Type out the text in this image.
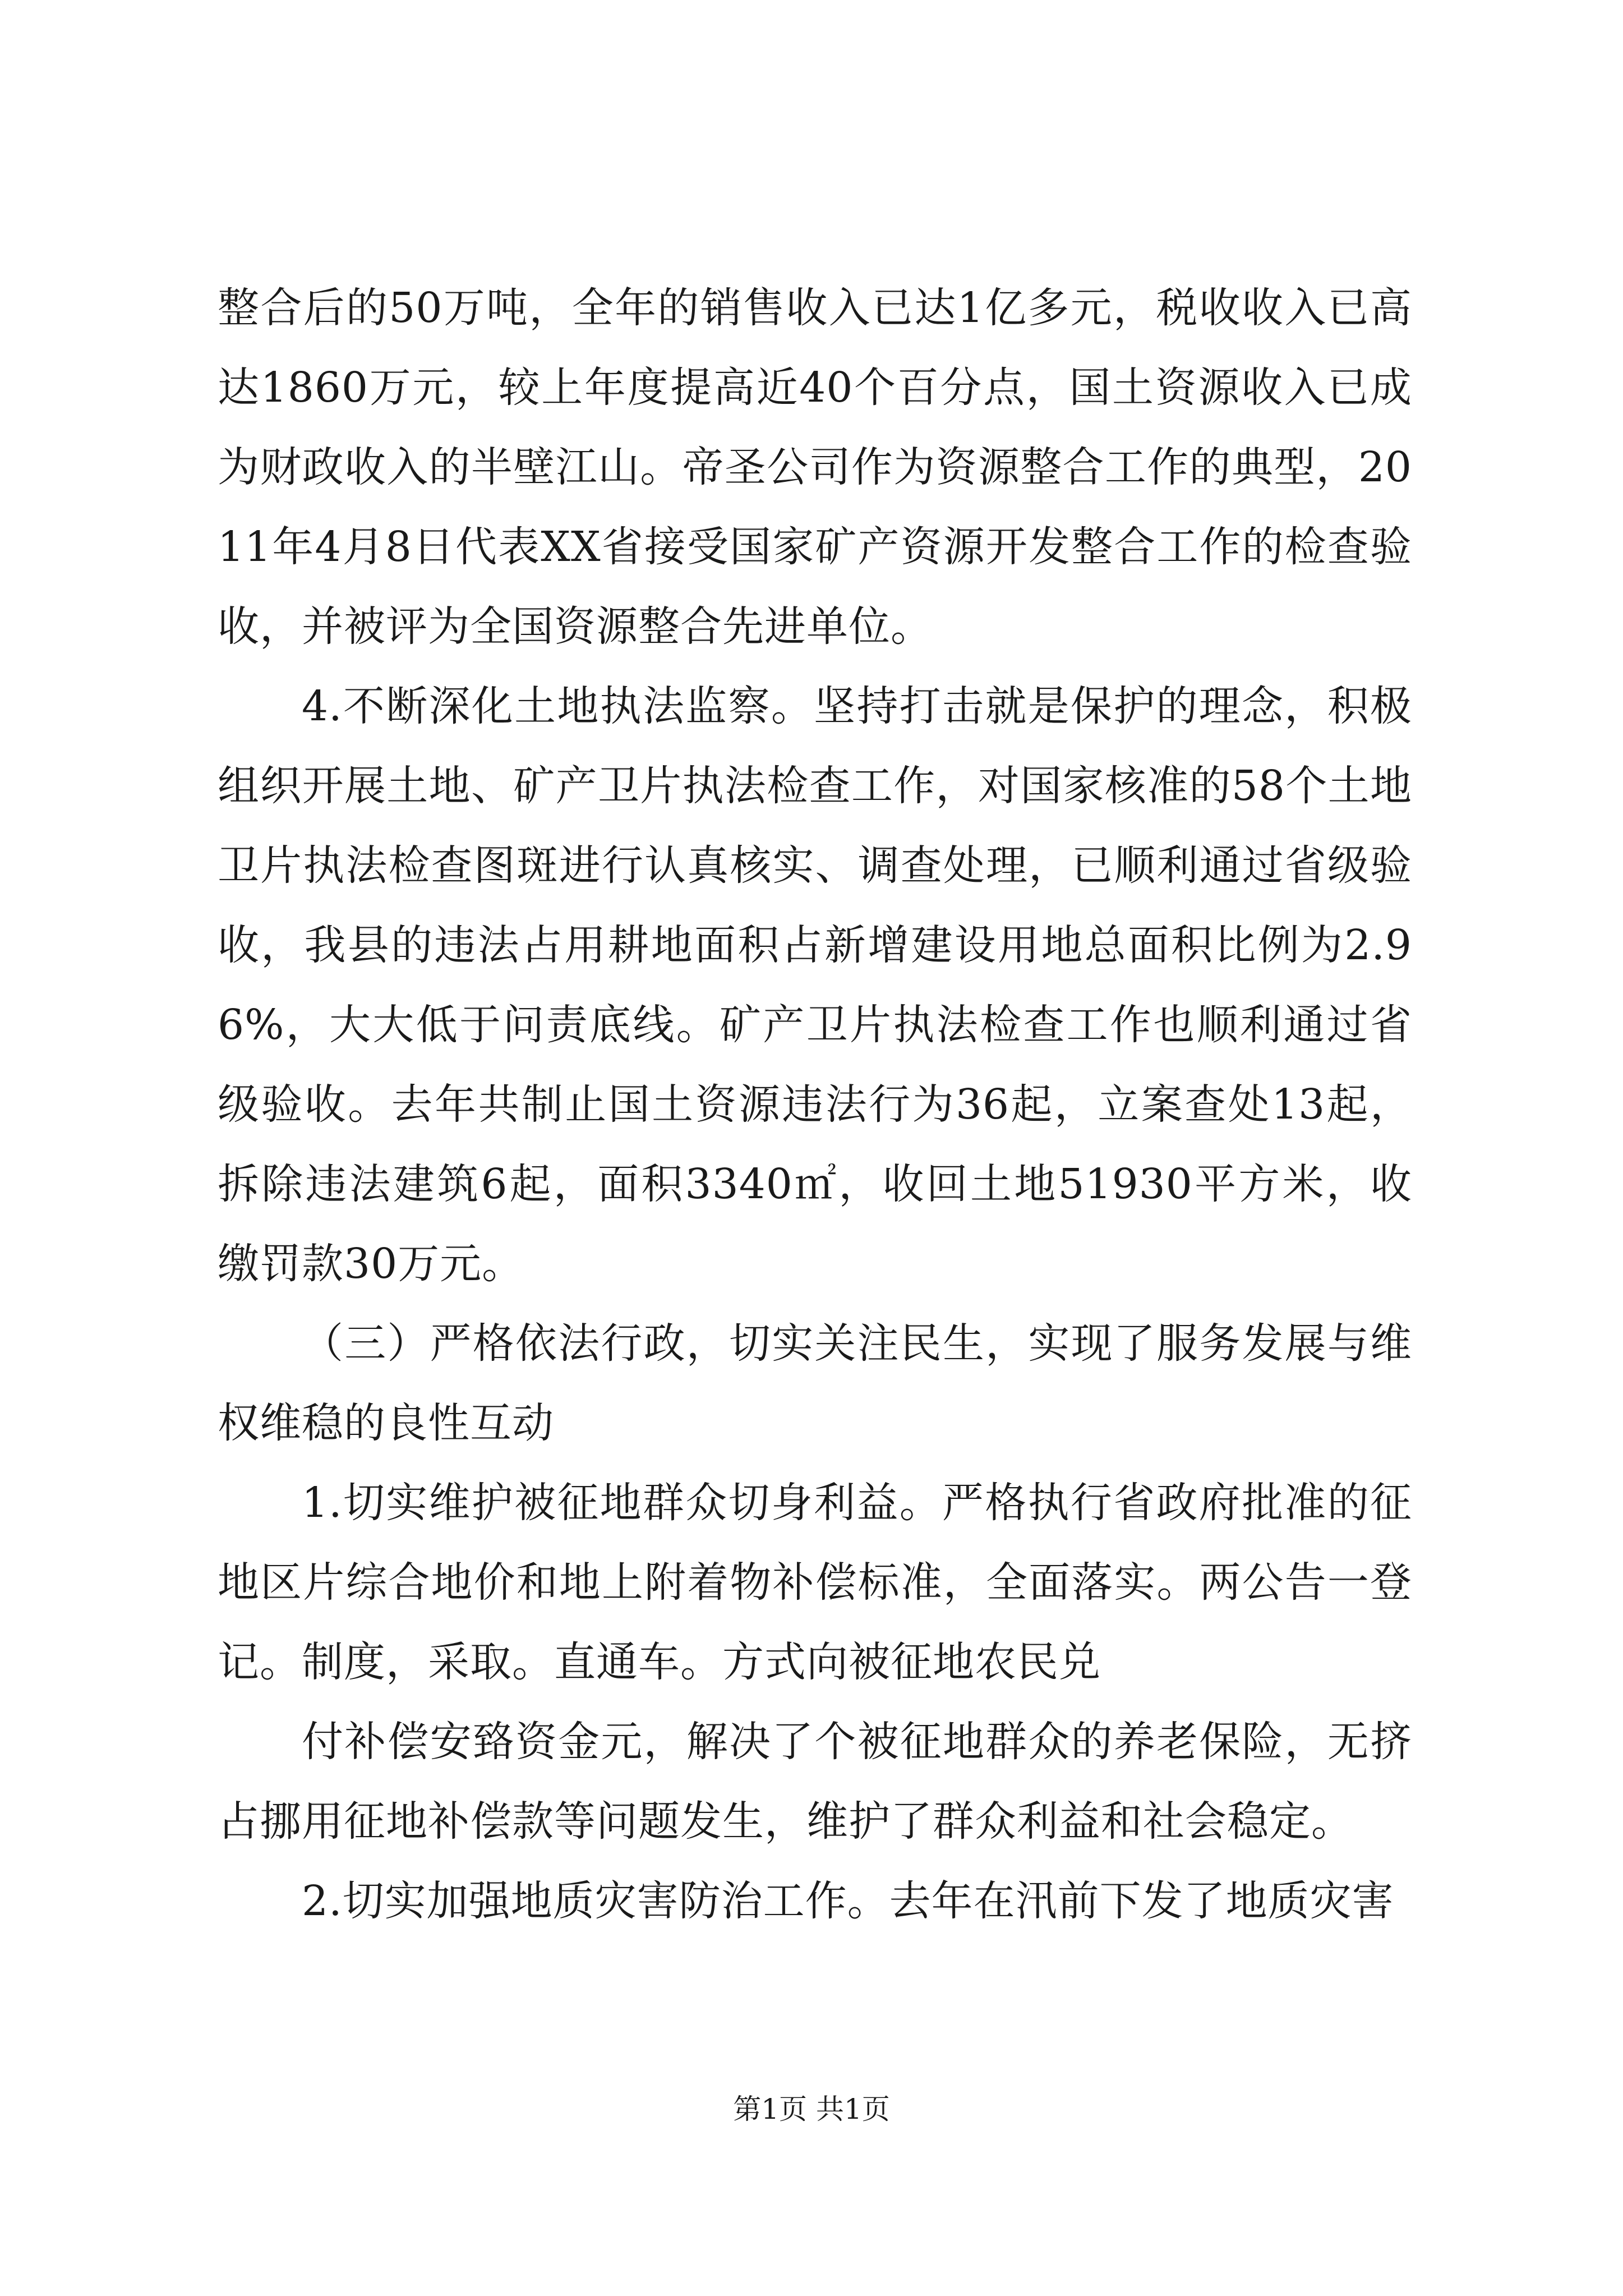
整合后的50万吨，全年的销售收入已达1亿多元，税收收入已高达1860万元，较上年度提高近40个百分点，国土资源收入已成为财政收入的半壁江山。帝圣公司作为资源整合工作的典型，2011年4月8日代表XX省接受国家矿产资源开发整合工作的检查验收，并被评为全国资源整合先进单位。

4.不断深化土地执法监察。坚持打击就是保护的理念，积极组织开展土地、矿产卫片执法检查工作，对国家核准的58个土地卫片执法检查图斑进行认真核实、调查处理，已顺利通过省级验收，我县的违法占用耕地面积占新增建设用地总面积比例为2.96%，大大低于问责底线。矿产卫片执法检查工作也顺利通过省级验收。去年共制止国土资源违法行为36起，立案查处13起，拆除违法建筑6起，面积3340㎡，收回土地51930平方米，收缴罚款30万元。

（三）严格依法行政，切实关注民生，实现了服务发展与维权维稳的良性互动

1.切实维护被征地群众切身利益。严格执行省政府批准的征地区片综合地价和地上附着物补偿标准，全面落实。两公告一登记。制度，采取。直通车。方式向被征地农民兑

付补偿安臵资金元，解决了个被征地群众的养老保险，无挤占挪用征地补偿款等问题发生，维护了群众利益和社会稳定。

2.切实加强地质灾害防治工作。去年在汛前下发了地质灾害

第1页 共1页
